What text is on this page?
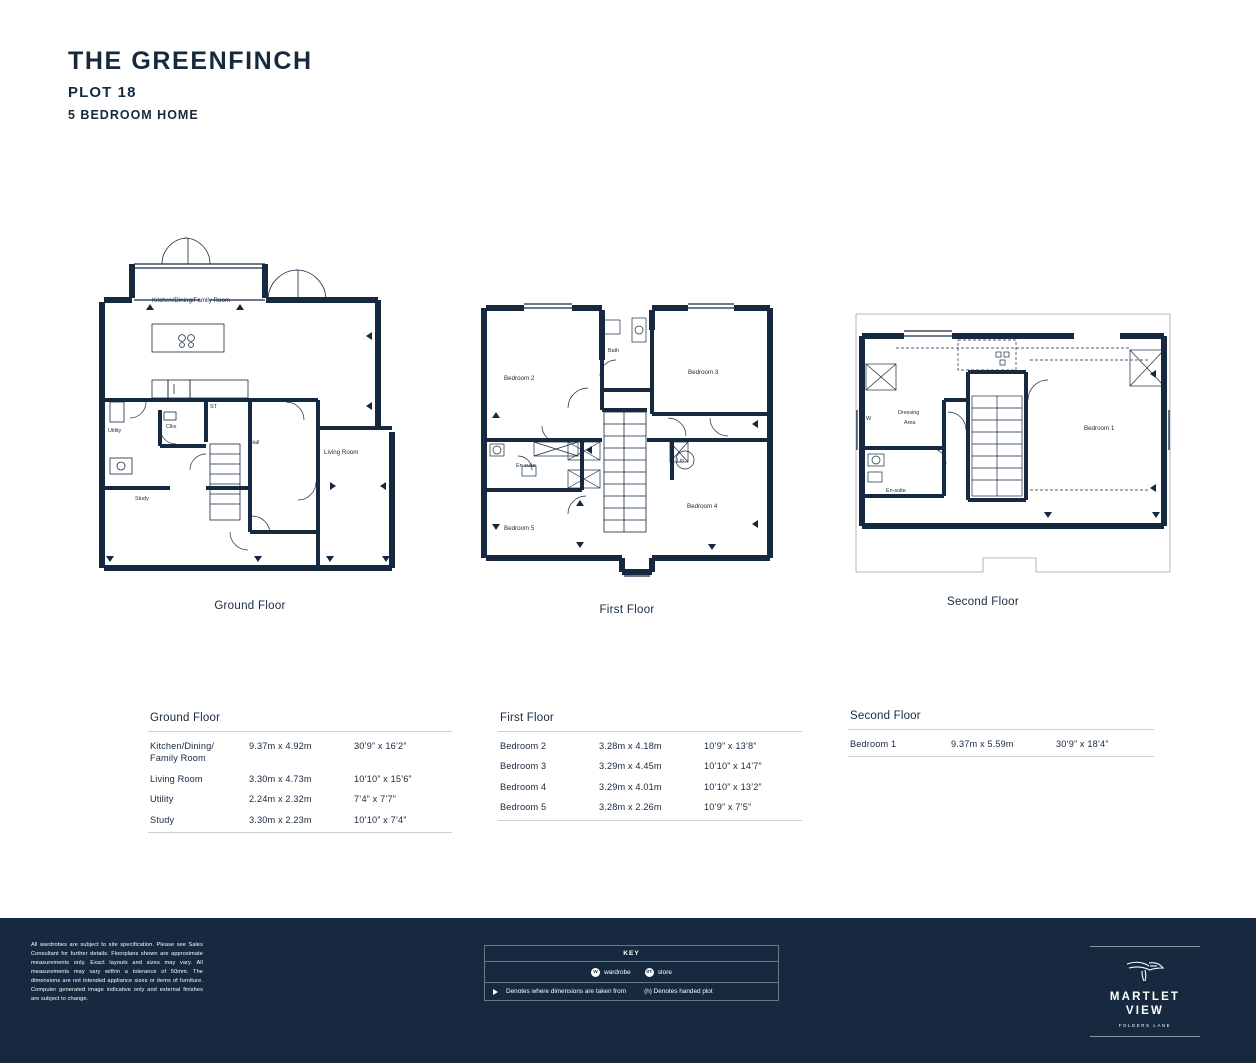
THE GREENFINCH

PLOT 18

5 BEDROOM HOME

Kitchen/Dining/Family Room
Utility
Clks
ST
Hall
Living Room
Study
Ground Floor
Bedroom 2
Bath
Bedroom 3
En-suite
Lin
Bedroom 4
Bedroom 5
First Floor
W
Dressing
Area
En-suite
Bedroom 1
Second Floor
Ground Floor
Kitchen/Dining/
Family Room	9.37m x 4.92m	30’9” x 16’2”
Living Room	3.30m x 4.73m	10’10” x 15’6”
Utility	2.24m x 2.32m	7’4” x 7’7”
Study	3.30m x 2.23m	10’10” x 7’4”
First Floor
Bedroom 2	3.28m x 4.18m	10’9” x 13’8”
Bedroom 3	3.29m x 4.45m	10’10” x 14’7”
Bedroom 4	3.29m x 4.01m	10’10” x 13’2”
Bedroom 5	3.28m x 2.26m	10’9” x 7’5”
Second Floor
Bedroom 1	9.37m x 5.59m	30’9” x 18’4”
All wardrobes are subject to site specification. Please see Sales Consultant for further details. Floorplans shown are approximate measurements only. Exact layouts and sizes may vary. All measurements may vary within a tolerance of 50mm. The dimensions are not intended appliance sizes or items of furniture. Computer generated image indicative only and external finishes are subject to change.
KEY
W wardrobe	ST store
Denotes where dimensions are taken from	(h) Denotes handed plot	MARTLET
VIEW
FOLDERS LANE
